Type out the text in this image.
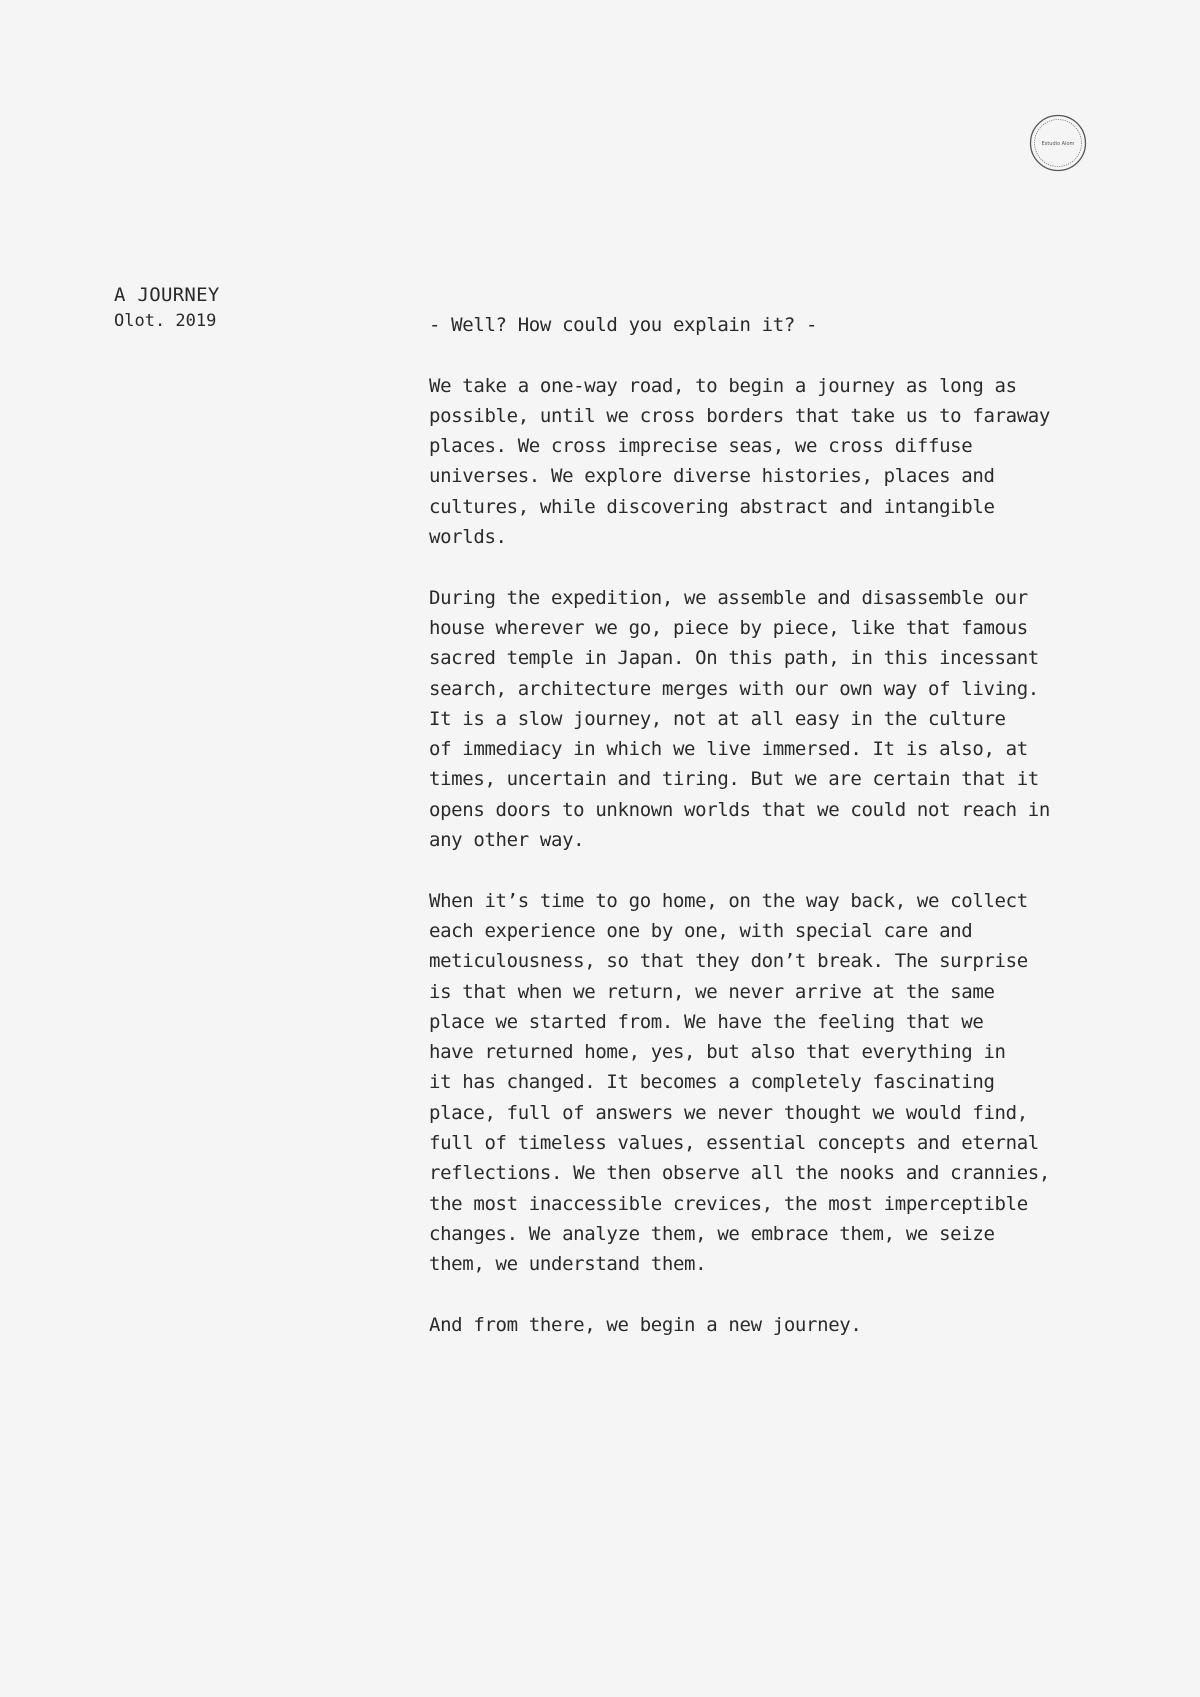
Estudio Alom
A JOURNEY
Olot. 2019	- Well? How could you explain it? -

We take a one-way road, to begin a journey as long as
possible, until we cross borders that take us to faraway
places. We cross imprecise seas, we cross diffuse
universes. We explore diverse histories, places and
cultures, while discovering abstract and intangible
worlds.

During the expedition, we assemble and disassemble our
house wherever we go, piece by piece, like that famous
sacred temple in Japan. On this path, in this incessant
search, architecture merges with our own way of living.
It is a slow journey, not at all easy in the culture
of immediacy in which we live immersed. It is also, at
times, uncertain and tiring. But we are certain that it
opens doors to unknown worlds that we could not reach in
any other way.

When it’s time to go home, on the way back, we collect
each experience one by one, with special care and
meticulousness, so that they don’t break. The surprise
is that when we return, we never arrive at the same
place we started from. We have the feeling that we
have returned home, yes, but also that everything in
it has changed. It becomes a completely fascinating
place, full of answers we never thought we would find,
full of timeless values, essential concepts and eternal
reflections. We then observe all the nooks and crannies,
the most inaccessible crevices, the most imperceptible
changes. We analyze them, we embrace them, we seize
them, we understand them.

And from there, we begin a new journey.
